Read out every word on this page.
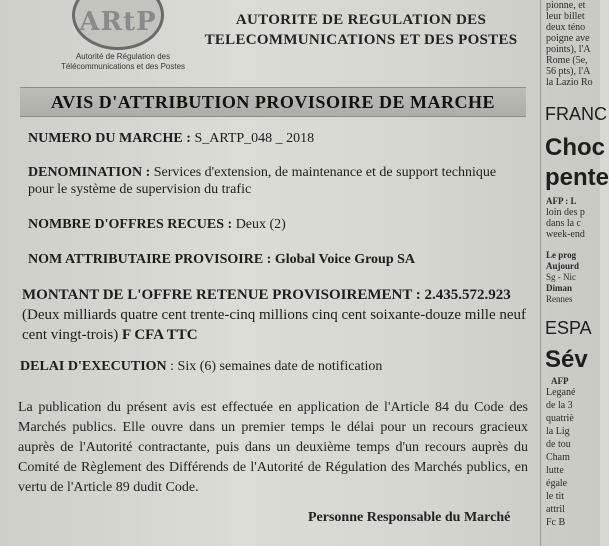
ARtP
Autorité de Régulation des
Télécommunications et des Postes
AUTORITE DE REGULATION DES
TELECOMMUNICATIONS ET DES POSTES
AVIS D'ATTRIBUTION PROVISOIRE DE MARCHE
NUMERO DU MARCHE : S_ARTP_048 _ 2018
DENOMINATION : Services d'extension, de maintenance et de support technique pour le système de supervision du trafic
NOMBRE D'OFFRES RECUES : Deux (2)
NOM ATTRIBUTAIRE PROVISOIRE : Global Voice Group SA
MONTANT DE L'OFFRE RETENUE PROVISOIREMENT : 2.435.572.923 (Deux milliards quatre cent trente-cinq millions cinq cent soixante-douze mille neuf cent vingt-trois) F CFA TTC
DELAI D'EXECUTION : Six (6) semaines date de notification
La publication du présent avis est effectuée en application de l'Article 84 du Code des Marchés publics. Elle ouvre dans un premier temps le délai pour un recours gracieux auprès de l'Autorité contractante, puis dans un deuxième temps d'un recours auprès du Comité de Règlement des Différends de l'Autorité de Régulation des Marchés publics, en vertu de l'Article 89 dudit Code.
Personne Responsable du Marché
pionne, et
leur billet
deux téno
poigne ave
points), l'A
Rome (5e,
56 pts), l'A
la Lazio Ro
FRANC
Choc
pente
AFP : L
loin des p
dans la c
week-end
Le prog
Aujourd
Sg - Nic
Diman
Rennes
ESPA
Sév
AFP
Legané
de la 3
quatriè
la Lig
de tou
Cham
lutte
égale
le tit
attril
Fc B
